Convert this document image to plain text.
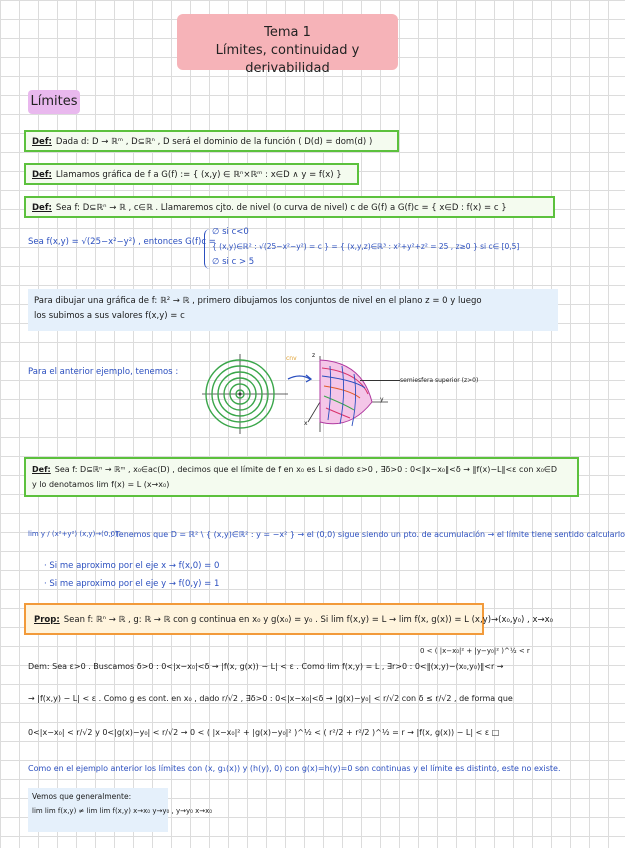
Tema 1
Límites, continuidad y derivabilidad
Límites
Def: Dada d: D → ℝᵐ , D⊆ℝⁿ , D será el dominio de la función ( D(d) = dom(d) )
Def: Llamamos gráfica de f a G(f) := { (x,y) ∈ ℝⁿ×ℝᵐ : x∈D ∧ y = f(x) }
Def: Sea f: D⊆ℝⁿ → ℝ , c∈ℝ . Llamaremos cjto. de nivel (o curva de nivel) c de G(f) a G(f)c = { x∈D : f(x) = c }
Sea f(x,y) = √(25−x²−y²) , entonces G(f)c =
∅ si c<0
{ (x,y)∈ℝ² : √(25−x²−y²) = c } = { (x,y,z)∈ℝ³ : x²+y²+z² = 25 , z≥0 } si c∈ [0,5]
∅ si c > 5
Para dibujar una gráfica de f: ℝ² → ℝ , primero dibujamos los conjuntos de nivel en el plano z = 0 y luego
los subimos a sus valores f(x,y) = c
Para el anterior ejemplo, tenemos :
cnv	z
x
y
semiesfera superior (z>0)
Def: Sea f: D⊆ℝⁿ → ℝᵐ , x₀∈ac(D) , decimos que el límite de f en x₀ es L si dado ε>0 , ∃δ>0 : 0<‖x−x₀‖<δ → ‖f(x)−L‖<ε con x₀∈D
y lo denotamos lim f(x) = L (x→x₀)
lim y / (x²+y²) (x,y)→(0,0)
: Tenemos que D = ℝ² \ { (x,y)∈ℝ² : y = −x² } → el (0,0) sigue siendo un pto. de acumulación → el límite tiene sentido calcularlo
· Si me aproximo por el eje x → f(x,0) = 0
· Si me aproximo por el eje y → f(0,y) = 1
Prop: Sean f: ℝⁿ → ℝ , g: ℝ → ℝ con g continua en x₀ y g(x₀) = y₀ . Si lim f(x,y) = L → lim f(x, g(x)) = L (x,y)→(x₀,y₀) , x→x₀
0 < ( |x−x₀|² + |y−y₀|² )^½ < r
Dem: Sea ε>0 . Buscamos δ>0 : 0<|x−x₀|<δ → |f(x, g(x)) − L| < ε . Como lim f(x,y) = L , ∃r>0 : 0<‖(x,y)−(x₀,y₀)‖<r →
→ |f(x,y) − L| < ε . Como g es cont. en x₀ , dado r/√2 , ∃δ>0 : 0<|x−x₀|<δ → |g(x)−y₀| < r/√2 con δ ≤ r/√2 , de forma que
0<|x−x₀| < r/√2 y 0<|g(x)−y₀| < r/√2 → 0 < ( |x−x₀|² + |g(x)−y₀|² )^½ < ( r²/2 + r²/2 )^½ = r → |f(x, g(x)) − L| < ε □
Como en el ejemplo anterior los límites con (x, g₁(x)) y (h(y), 0) con g(x)=h(y)=0 son continuas y el límite es distinto, este no existe.
Vemos que generalmente:
lim lim f(x,y) ≠ lim lim f(x,y) x→x₀ y→y₀ , y→y₀ x→x₀
